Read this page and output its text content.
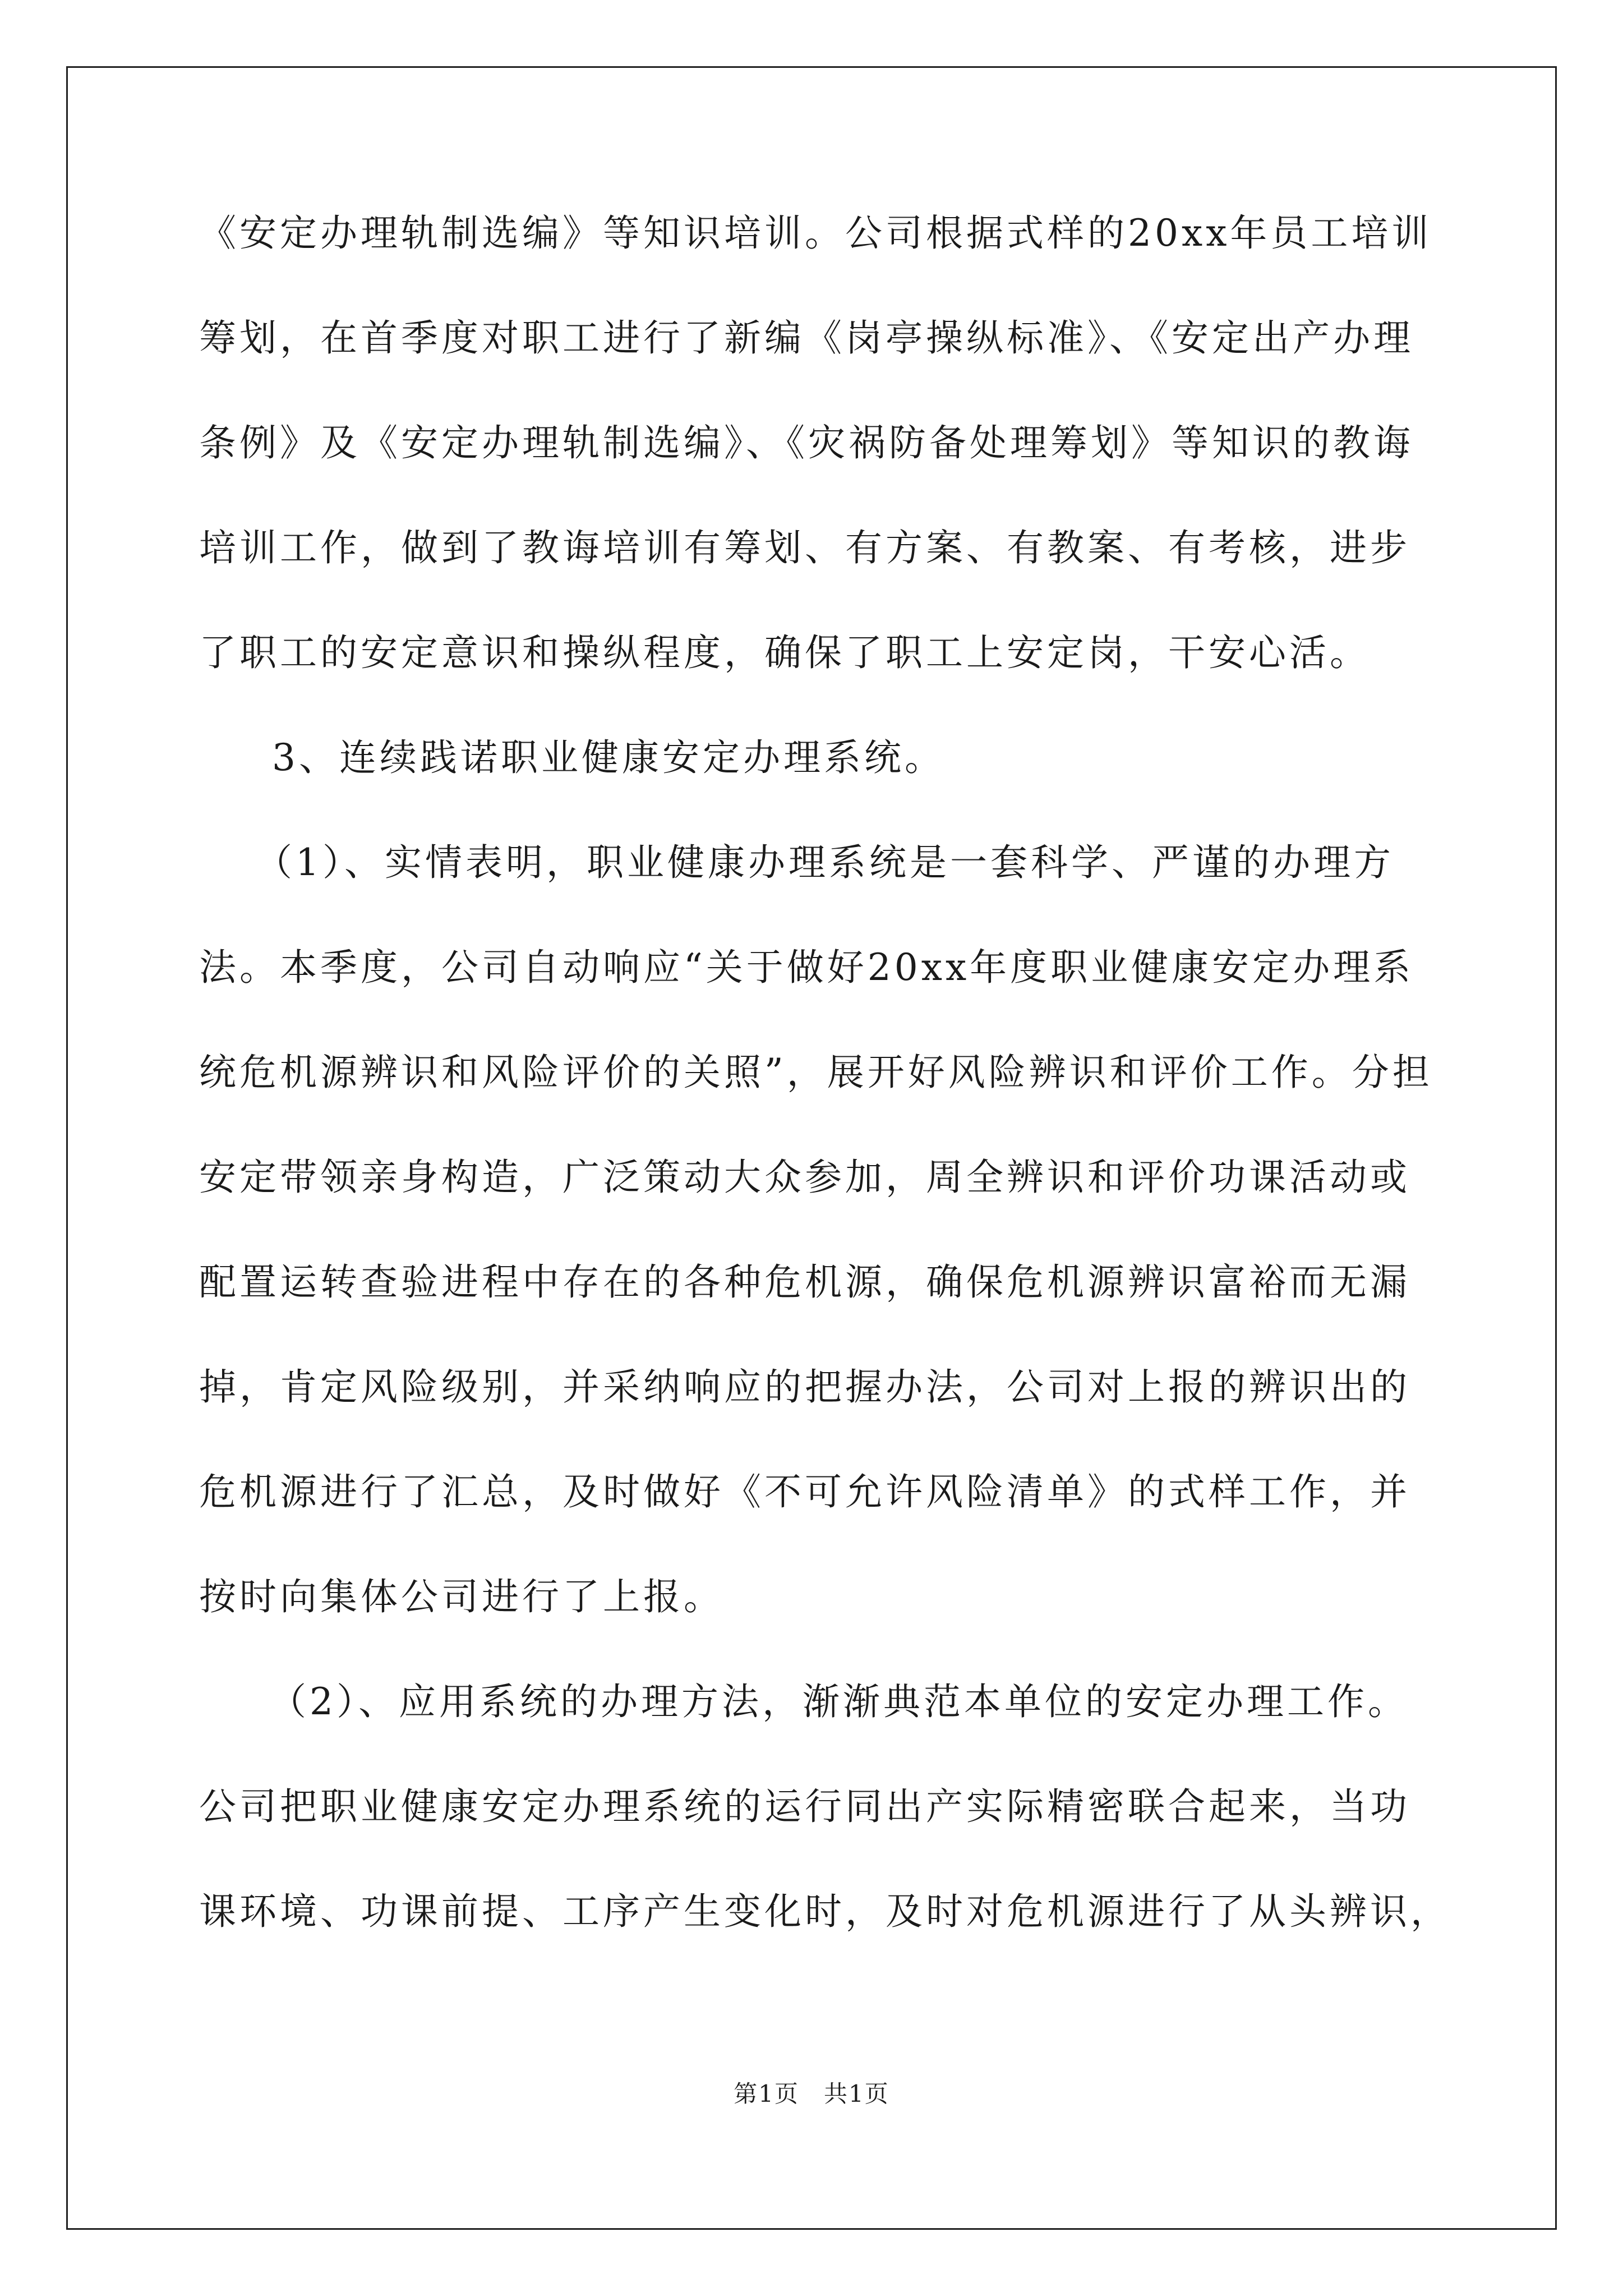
《安定办理轨制选编》等知识培训。公司根据式样的20xx年员工培训
筹划，在首季度对职工进行了新编《岗亭操纵标准》、《安定出产办理
条例》及《安定办理轨制选编》、《灾祸防备处理筹划》等知识的教诲
培训工作，做到了教诲培训有筹划、有方案、有教案、有考核，进步
了职工的安定意识和操纵程度，确保了职工上安定岗，干安心活。
3、连续践诺职业健康安定办理系统。
（1）、实情表明，职业健康办理系统是一套科学、严谨的办理方
法。本季度，公司自动响应“关于做好20xx年度职业健康安定办理系
统危机源辨识和风险评价的关照”，展开好风险辨识和评价工作。分担
安定带领亲身构造，广泛策动大众参加，周全辨识和评价功课活动或
配置运转查验进程中存在的各种危机源，确保危机源辨识富裕而无漏
掉，肯定风险级别，并采纳响应的把握办法，公司对上报的辨识出的
危机源进行了汇总，及时做好《不可允许风险清单》的式样工作，并
按时向集体公司进行了上报。
（2）、应用系统的办理方法，渐渐典范本单位的安定办理工作。
公司把职业健康安定办理系统的运行同出产实际精密联合起来，当功
课环境、功课前提、工序产生变化时，及时对危机源进行了从头辨识，
第1页　共1页
